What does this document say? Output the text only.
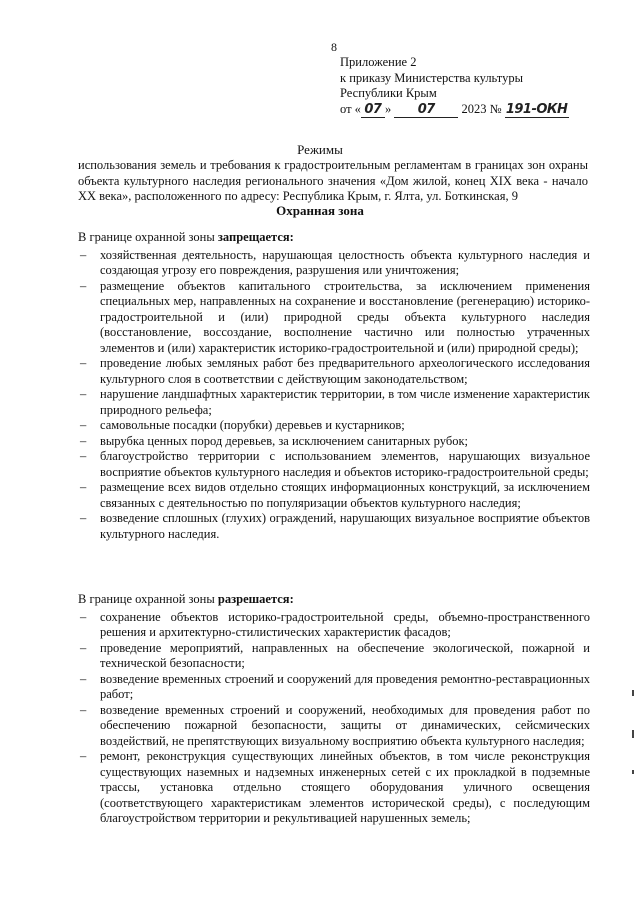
8
Приложение 2
к приказу Министерства культуры
Республики Крым
от « 07 » 07 2023 № 191-ОКН
Режимы
использования земель и требования к градостроительным регламентам в границах зон охраны объекта культурного наследия регионального значения «Дом жилой, конец XIX века - начало XX века», расположенного по адресу: Республика Крым, г. Ялта, ул. Боткинская, 9
Охранная зона

В границе охранной зоны запрещается:

– хозяйственная деятельность, нарушающая целостность объекта культурного наследия и создающая угрозу его повреждения, разрушения или уничтожения;
– размещение объектов капитального строительства, за исключением применения специальных мер, направленных на сохранение и восстановление (регенерацию) историко-градостроительной и (или) природной среды объекта культурного наследия (восстановление, воссоздание, восполнение частично или полностью утраченных элементов и (или) характеристик историко-градостроительной и (или) природной среды);
– проведение любых земляных работ без предварительного археологического исследования культурного слоя в соответствии с действующим законодательством;
– нарушение ландшафтных характеристик территории, в том числе изменение характеристик природного рельефа;
– самовольные посадки (порубки) деревьев и кустарников;
– вырубка ценных пород деревьев, за исключением санитарных рубок;
– благоустройство территории с использованием элементов, нарушающих визуальное восприятие объектов культурного наследия и объектов историко-градостроительной среды;
– размещение всех видов отдельно стоящих информационных конструкций, за исключением связанных с деятельностью по популяризации объектов культурного наследия;
– возведение сплошных (глухих) ограждений, нарушающих визуальное восприятие объектов культурного наследия.

В границе охранной зоны разрешается:

– сохранение объектов историко-градостроительной среды, объемно-пространственного решения и архитектурно-стилистических характеристик фасадов;
– проведение мероприятий, направленных на обеспечение экологической, пожарной и технической безопасности;
– возведение временных строений и сооружений для проведения ремонтно-реставрационных работ;
– возведение временных строений и сооружений, необходимых для проведения работ по обеспечению пожарной безопасности, защиты от динамических, сейсмических воздействий, не препятствующих визуальному восприятию объекта культурного наследия;
– ремонт, реконструкция существующих линейных объектов, в том числе реконструкция существующих наземных и надземных инженерных сетей с их прокладкой в подземные трассы, установка отдельно стоящего оборудования уличного освещения (соответствующего характеристикам элементов исторической среды), с последующим благоустройством территории и рекультивацией нарушенных земель;
